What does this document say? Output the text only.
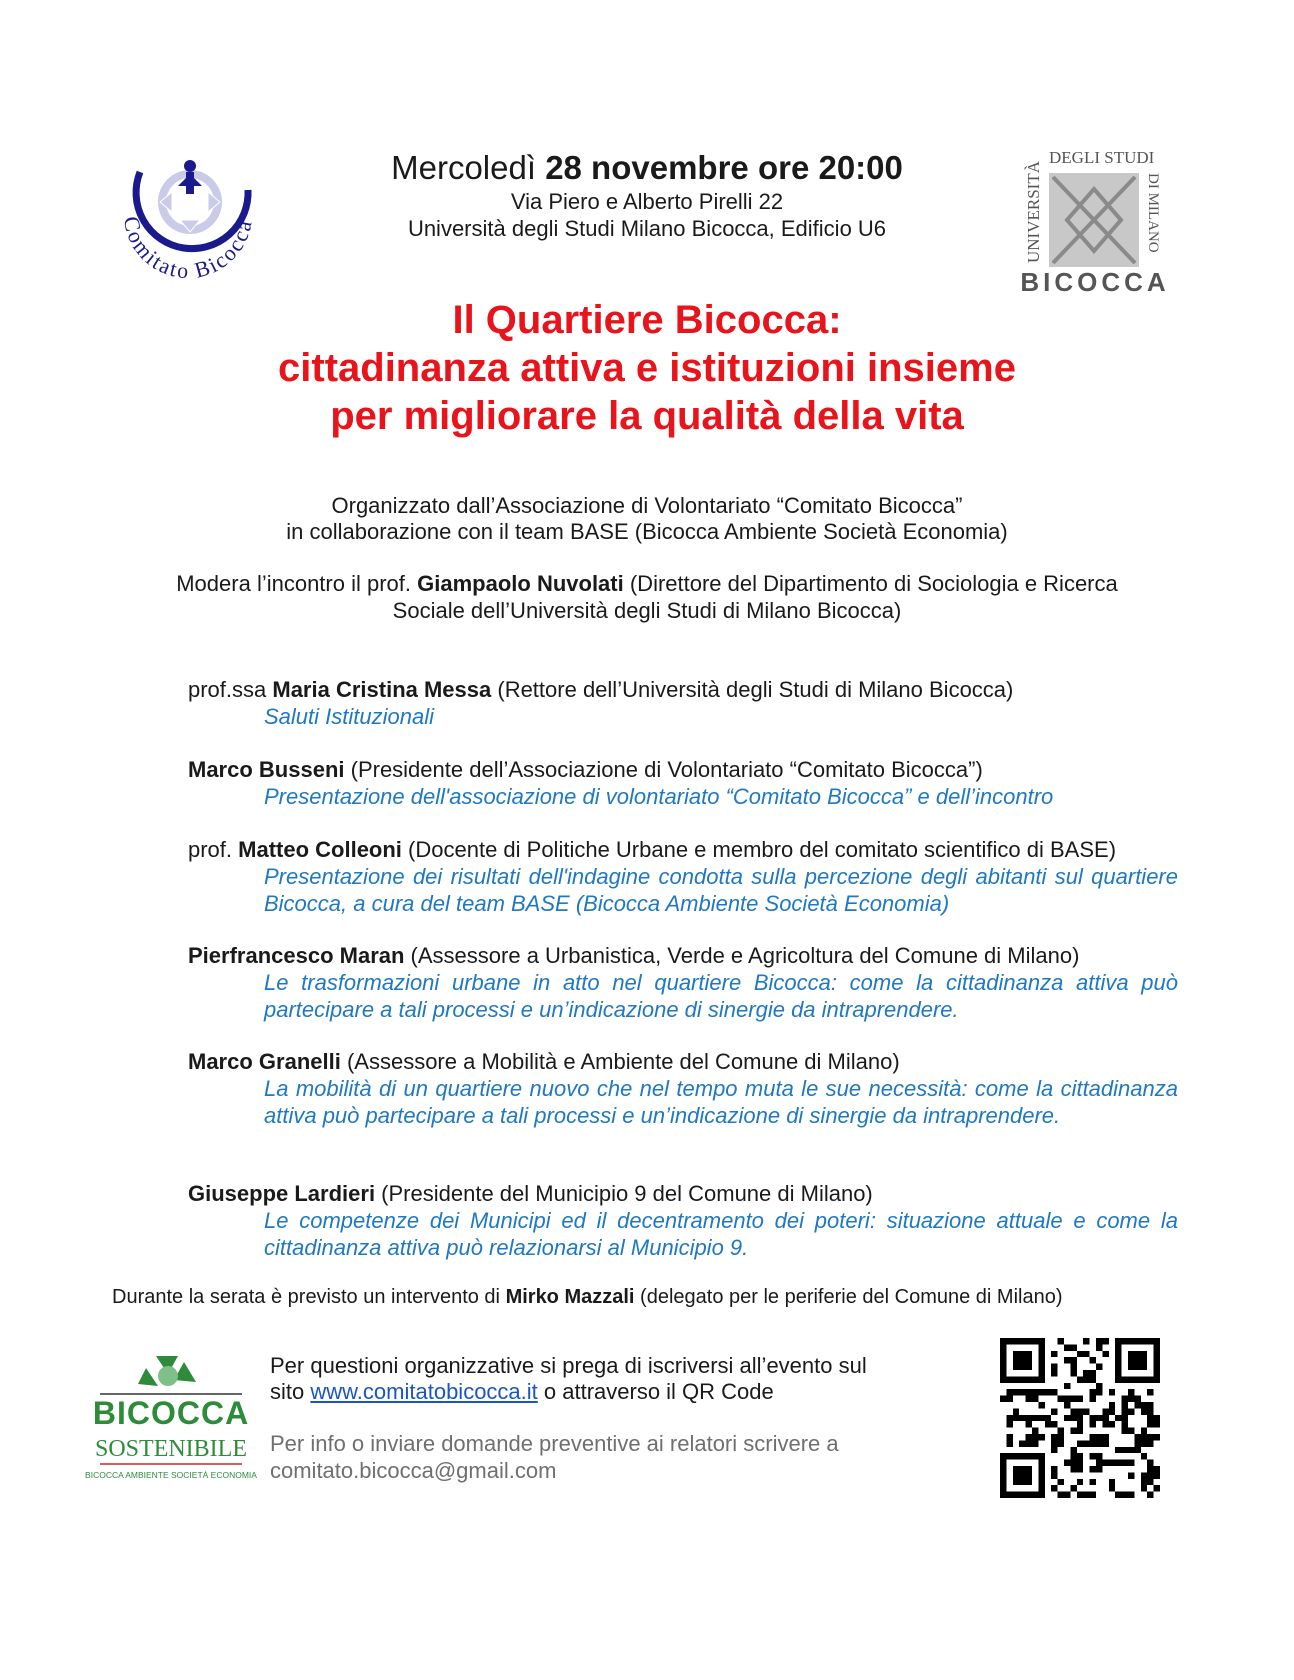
Comitato Bicocca	UNIVERSITÀ
DEGLI STUDI
DI MILANO
BICOCCA
Mercoledì 28 novembre ore 20:00
Via Piero e Alberto Pirelli 22
Università degli Studi Milano Bicocca, Edificio U6
Il Quartiere Bicocca:
cittadinanza attiva e istituzioni insieme
per migliorare la qualità della vita
Organizzato dall’Associazione di Volontariato “Comitato Bicocca”
in collaborazione con il team BASE (Bicocca Ambiente Società Economia)
Modera l’incontro il prof. Giampaolo Nuvolati (Direttore del Dipartimento di Sociologia e Ricerca
Sociale dell’Università degli Studi di Milano Bicocca)
prof.ssa Maria Cristina Messa (Rettore dell’Università degli Studi di Milano Bicocca)
Saluti Istituzionali
Marco Busseni (Presidente dell’Associazione di Volontariato “Comitato Bicocca”)
Presentazione dell'associazione di volontariato “Comitato Bicocca” e dell’incontro
prof. Matteo Colleoni (Docente di Politiche Urbane e membro del comitato scientifico di BASE)
Presentazione dei risultati dell'indagine condotta sulla percezione degli abitanti sul quartiere Bicocca, a cura del team BASE (Bicocca Ambiente Società Economia)
Pierfrancesco Maran (Assessore a Urbanistica, Verde e Agricoltura del Comune di Milano)
Le trasformazioni urbane in atto nel quartiere Bicocca: come la cittadinanza attiva può partecipare a tali processi e un’indicazione di sinergie da intraprendere.
Marco Granelli (Assessore a Mobilità e Ambiente del Comune di Milano)
La mobilità di un quartiere nuovo che nel tempo muta le sue necessità: come la cittadinanza attiva può partecipare a tali processi e un’indicazione di sinergie da intraprendere.
Giuseppe Lardieri (Presidente del Municipio 9 del Comune di Milano)
Le competenze dei Municipi ed il decentramento dei poteri: situazione attuale e come la cittadinanza attiva può relazionarsi al Municipio 9.
Durante la serata è previsto un intervento di Mirko Mazzali (delegato per le periferie del Comune di Milano)
BICOCCA
SOSTENIBILE
BICOCCA AMBIENTE SOCIETÀ ECONOMIA
Per questioni organizzative si prega di iscriversi all’evento sul
sito www.comitatobicocca.it o attraverso il QR Code
Per info o inviare domande preventive ai relatori scrivere a
comitato.bicocca@gmail.com
